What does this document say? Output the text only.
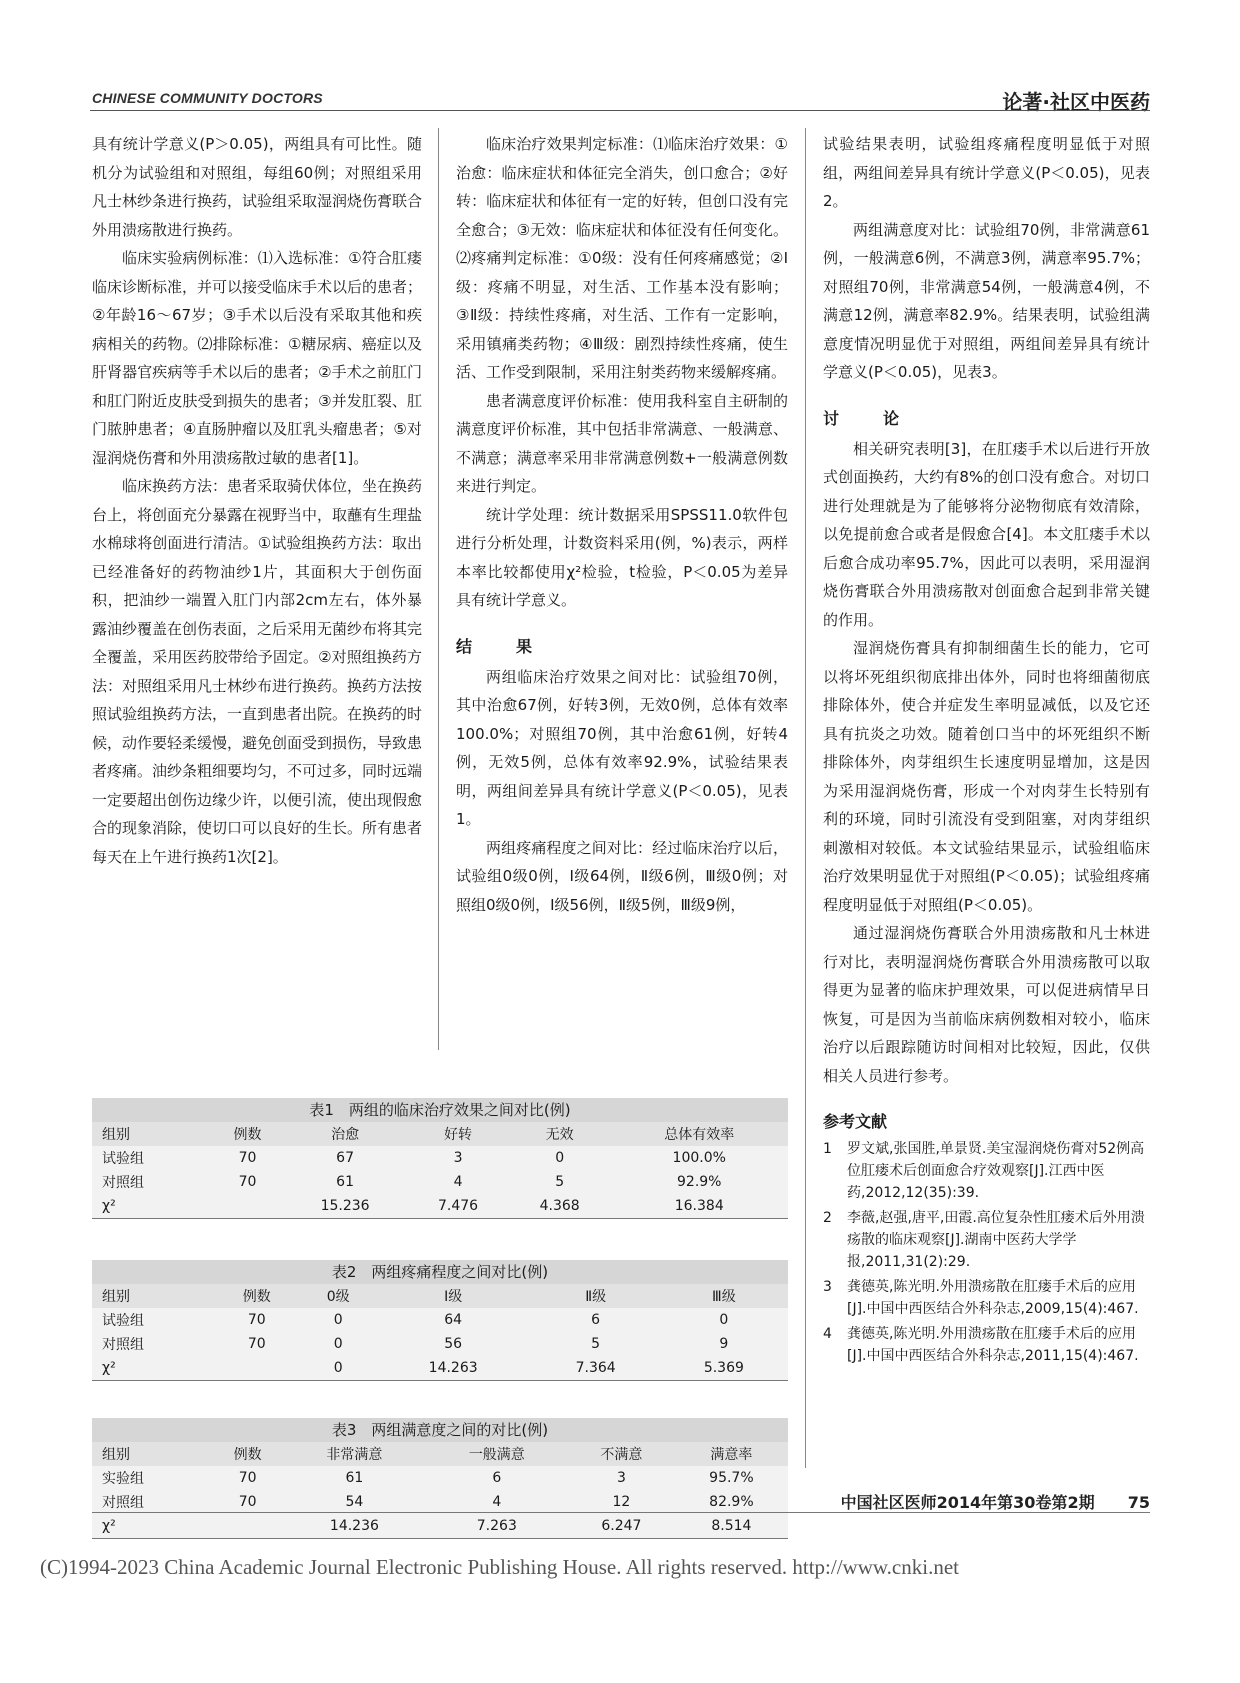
CHINESE COMMUNITY DOCTORS	论著·社区中医药

具有统计学意义(P＞0.05)，两组具有可比性。随机分为试验组和对照组，每组60例；对照组采用凡士林纱条进行换药，试验组采取湿润烧伤膏联合外用溃疡散进行换药。

临床实验病例标准：⑴入选标准：①符合肛瘘临床诊断标准，并可以接受临床手术以后的患者；②年龄16～67岁；③手术以后没有采取其他和疾病相关的药物。⑵排除标准：①糖尿病、癌症以及肝肾器官疾病等手术以后的患者；②手术之前肛门和肛门附近皮肤受到损失的患者；③并发肛裂、肛门脓肿患者；④直肠肿瘤以及肛乳头瘤患者；⑤对湿润烧伤膏和外用溃疡散过敏的患者[1]。

临床换药方法：患者采取骑伏体位，坐在换药台上，将创面充分暴露在视野当中，取蘸有生理盐水棉球将创面进行清洁。①试验组换药方法：取出已经准备好的药物油纱1片，其面积大于创伤面积，把油纱一端置入肛门内部2cm左右，体外暴露油纱覆盖在创伤表面，之后采用无菌纱布将其完全覆盖，采用医药胶带给予固定。②对照组换药方法：对照组采用凡士林纱布进行换药。换药方法按照试验组换药方法，一直到患者出院。在换药的时候，动作要轻柔缓慢，避免创面受到损伤，导致患者疼痛。油纱条粗细要均匀，不可过多，同时远端一定要超出创伤边缘少许，以便引流，使出现假愈合的现象消除，使切口可以良好的生长。所有患者每天在上午进行换药1次[2]。

临床治疗效果判定标准：⑴临床治疗效果：①治愈：临床症状和体征完全消失，创口愈合；②好转：临床症状和体征有一定的好转，但创口没有完全愈合；③无效：临床症状和体征没有任何变化。⑵疼痛判定标准：①0级：没有任何疼痛感觉；②Ⅰ级：疼痛不明显，对生活、工作基本没有影响；③Ⅱ级：持续性疼痛，对生活、工作有一定影响，采用镇痛类药物；④Ⅲ级：剧烈持续性疼痛，使生活、工作受到限制，采用注射类药物来缓解疼痛。

患者满意度评价标准：使用我科室自主研制的满意度评价标准，其中包括非常满意、一般满意、不满意；满意率采用非常满意例数+一般满意例数来进行判定。

统计学处理：统计数据采用SPSS11.0软件包进行分析处理，计数资料采用(例，%)表示，两样本率比较都使用χ²检验，t检验，P＜0.05为差异具有统计学意义。

结　果

两组临床治疗效果之间对比：试验组70例，其中治愈67例，好转3例，无效0例，总体有效率100.0%；对照组70例，其中治愈61例，好转4例，无效5例，总体有效率92.9%，试验结果表明，两组间差异具有统计学意义(P＜0.05)，见表1。

两组疼痛程度之间对比：经过临床治疗以后，试验组0级0例，Ⅰ级64例，Ⅱ级6例，Ⅲ级0例；对照组0级0例，Ⅰ级56例，Ⅱ级5例，Ⅲ级9例，

试验结果表明，试验组疼痛程度明显低于对照组，两组间差异具有统计学意义(P＜0.05)，见表2。

两组满意度对比：试验组70例，非常满意61例，一般满意6例，不满意3例，满意率95.7%；对照组70例，非常满意54例，一般满意4例，不满意12例，满意率82.9%。结果表明，试验组满意度情况明显优于对照组，两组间差异具有统计学意义(P＜0.05)，见表3。

讨　论

相关研究表明[3]，在肛瘘手术以后进行开放式创面换药，大约有8%的创口没有愈合。对切口进行处理就是为了能够将分泌物彻底有效清除，以免提前愈合或者是假愈合[4]。本文肛瘘手术以后愈合成功率95.7%，因此可以表明，采用湿润烧伤膏联合外用溃疡散对创面愈合起到非常关键的作用。

湿润烧伤膏具有抑制细菌生长的能力，它可以将坏死组织彻底排出体外，同时也将细菌彻底排除体外，使合并症发生率明显减低，以及它还具有抗炎之功效。随着创口当中的坏死组织不断排除体外，肉芽组织生长速度明显增加，这是因为采用湿润烧伤膏，形成一个对肉芽生长特别有利的环境，同时引流没有受到阻塞，对肉芽组织刺激相对较低。本文试验结果显示，试验组临床治疗效果明显优于对照组(P＜0.05)；试验组疼痛程度明显低于对照组(P＜0.05)。

通过湿润烧伤膏联合外用溃疡散和凡士林进行对比，表明湿润烧伤膏联合外用溃疡散可以取得更为显著的临床护理效果，可以促进病情早日恢复，可是因为当前临床病例数相对较小，临床治疗以后跟踪随访时间相对比较短，因此，仅供相关人员进行参考。

参考文献
1	罗文斌,张国胜,单景贤.美宝湿润烧伤膏对52例高位肛瘘术后创面愈合疗效观察[J].江西中医药,2012,12(35):39.
2	李薇,赵强,唐平,田霞.高位复杂性肛瘘术后外用溃疡散的临床观察[J].湖南中医药大学学报,2011,31(2):29.
3	龚德英,陈光明.外用溃疡散在肛瘘手术后的应用[J].中国中西医结合外科杂志,2009,15(4):467.
4	龚德英,陈光明.外用溃疡散在肛瘘手术后的应用[J].中国中西医结合外科杂志,2011,15(4):467.
表1　两组的临床治疗效果之间对比(例)
组别	例数	治愈	好转	无效	总体有效率
试验组	70	67	3	0	100.0%
对照组	70	61	4	5	92.9%
χ²		15.236	7.476	4.368	16.384
表2　两组疼痛程度之间对比(例)
组别	例数	0级	Ⅰ级	Ⅱ级	Ⅲ级
试验组	70	0	64	6	0
对照组	70	0	56	5	9
χ²		0	14.263	7.364	5.369
表3　两组满意度之间的对比(例)
组别	例数	非常满意	一般满意	不满意	满意率
实验组	70	61	6	3	95.7%
对照组	70	54	4	12	82.9%
χ²		14.236	7.263	6.247	8.514
中国社区医师2014年第30卷第2期 75
(C)1994-2023 China Academic Journal Electronic Publishing House. All rights reserved. http://www.cnki.net
